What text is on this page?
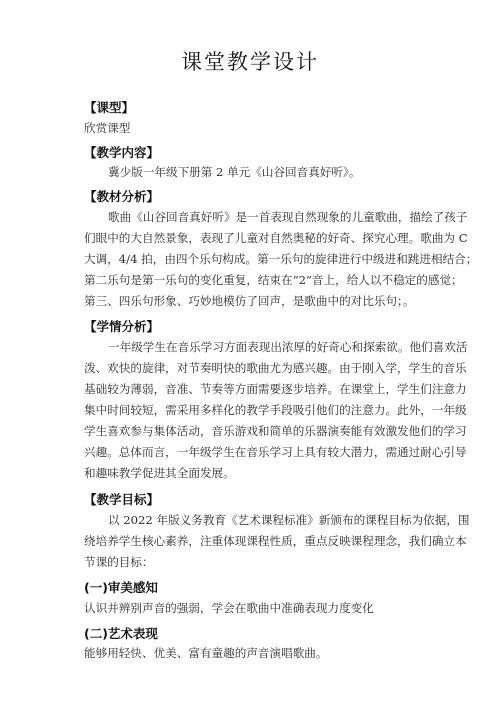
课堂教学设计
【课型】
欣赏课型
【教学内容】
冀少版一年级下册第 2 单元《山谷回音真好听》。
【教材分析】
歌曲《山谷回音真好听》是一首表现自然现象的儿童歌曲，描绘了孩子
们眼中的大自然景象，表现了儿童对自然奥秘的好奇、探究心理。歌曲为 C
大调，4/4 拍，由四个乐句构成。第一乐句的旋律进行中级进和跳进相结合；
第二乐句是第一乐句的变化重复，结束在“2”音上，给人以不稳定的感觉；
第三、四乐句形象、巧妙地模仿了回声，是歌曲中的对比乐句；。
【学情分析】
一年级学生在音乐学习方面表现出浓厚的好奇心和探索欲。他们喜欢活
泼、欢快的旋律，对节奏明快的歌曲尤为感兴趣。由于刚入学，学生的音乐
基础较为薄弱，音准、节奏等方面需要逐步培养。在课堂上，学生们注意力
集中时间较短，需采用多样化的教学手段吸引他们的注意力。此外，一年级
学生喜欢参与集体活动，音乐游戏和简单的乐器演奏能有效激发他们的学习
兴趣。总体而言，一年级学生在音乐学习上具有较大潜力，需通过耐心引导
和趣味教学促进其全面发展。
【教学目标】
以 2022 年版义务教育《艺术课程标准》新颁布的课程目标为依据，围
绕培养学生核心素养，注重体现课程性质，重点反映课程理念，我们确立本
节课的目标：
(一)审美感知
认识并辨别声音的强弱，学会在歌曲中准确表现力度变化
(二)艺术表现
能够用轻快、优美、富有童趣的声音演唱歌曲。
